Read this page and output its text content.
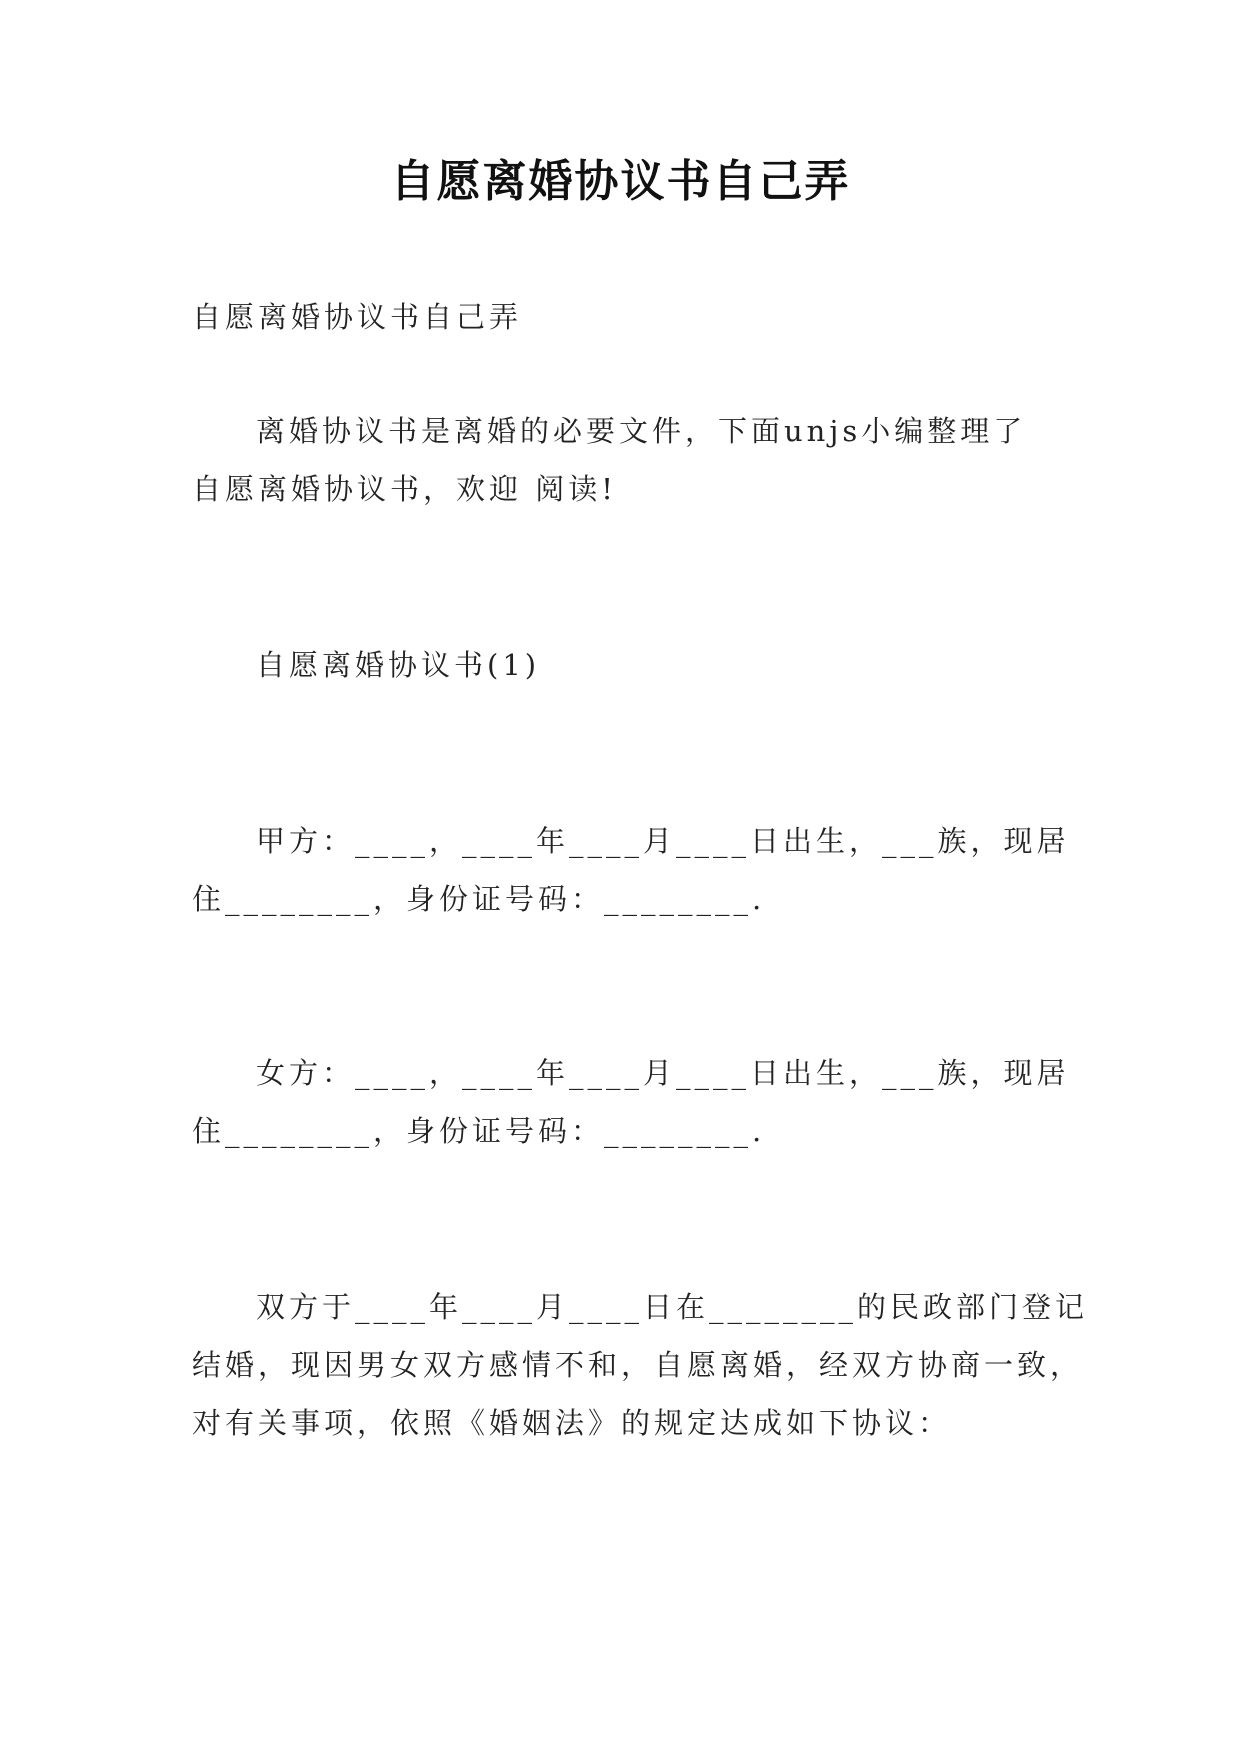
自愿离婚协议书自己弄
自愿离婚协议书自己弄
离婚协议书是离婚的必要文件，下面unjs小编整理了
自愿离婚协议书，欢迎 阅读!
自愿离婚协议书(1)
甲方：____，____年____月____日出生，___族，现居
住________，身份证号码：________.
女方：____，____年____月____日出生，___族，现居
住________，身份证号码：________.
双方于____年____月____日在________的民政部门登记
结婚，现因男女双方感情不和，自愿离婚，经双方协商一致，
对有关事项，依照《婚姻法》的规定达成如下协议：
